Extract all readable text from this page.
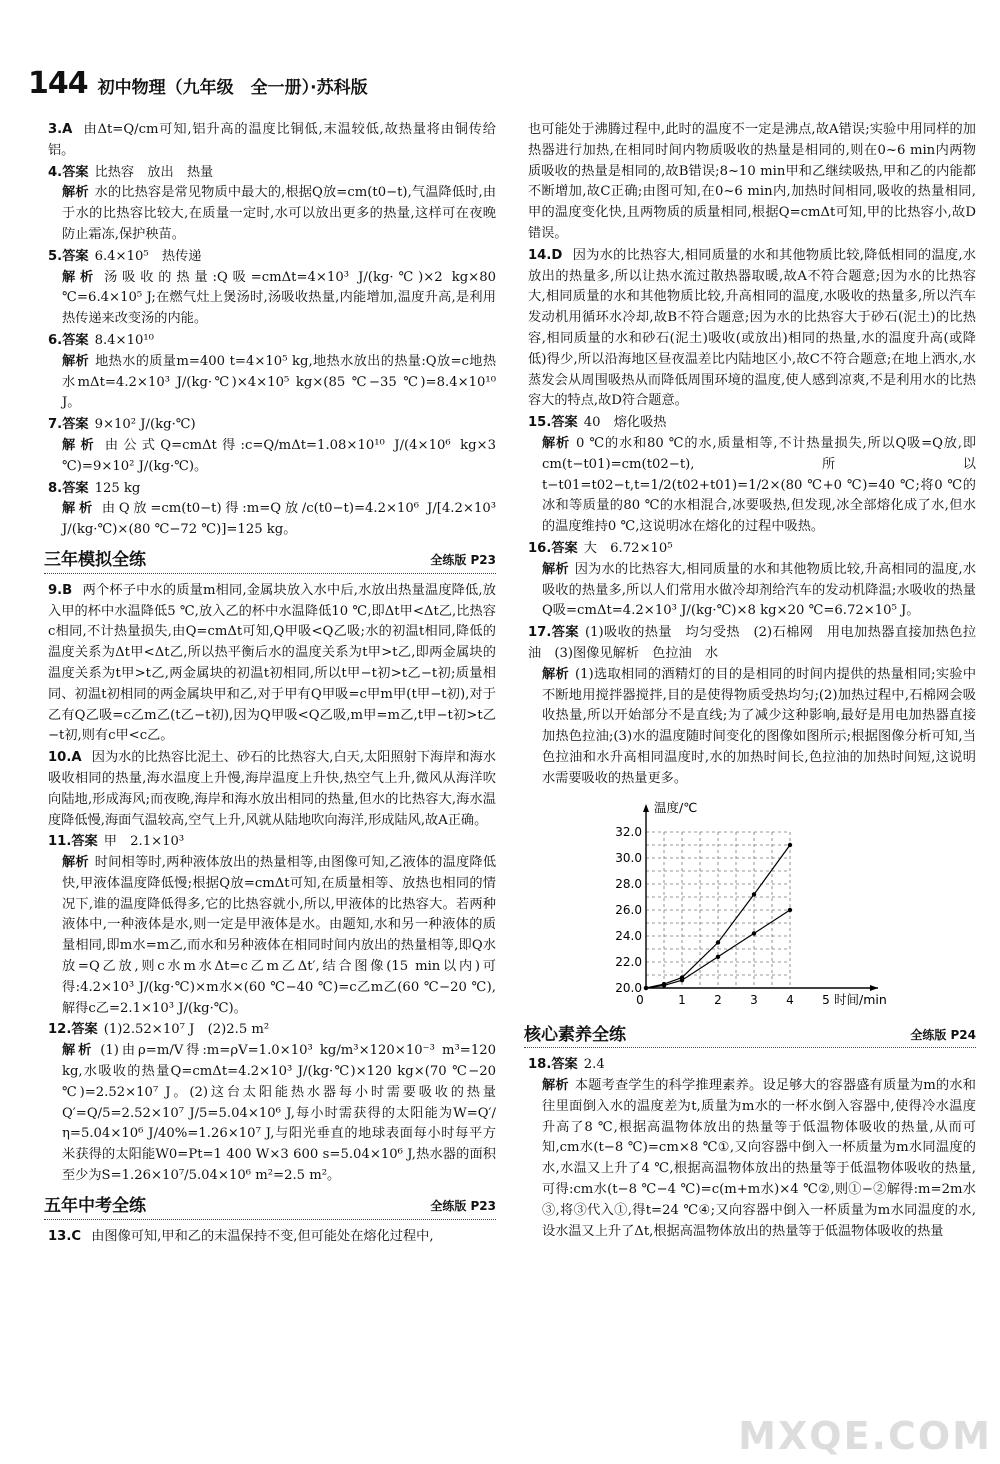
144 初中物理（九年级　全一册）·苏科版
3.A 由Δt=Q/cm可知,铝升高的温度比铜低,末温较低,故热量将由铜传给铝。
4.答案 比热容　放出　热量
解析 水的比热容是常见物质中最大的,根据Q放=cm(t0−t),气温降低时,由于水的比热容比较大,在质量一定时,水可以放出更多的热量,这样可在夜晚防止霜冻,保护秧苗。
5.答案 6.4×10⁵　热传递
解析 汤吸收的热量:Q吸=cmΔt=4×10³ J/(kg·℃)×2 kg×80 ℃=6.4×10⁵ J;在燃气灶上煲汤时,汤吸收热量,内能增加,温度升高,是利用热传递来改变汤的内能。
6.答案 8.4×10¹⁰
解析 地热水的质量m=400 t=4×10⁵ kg,地热水放出的热量:Q放=c地热水mΔt=4.2×10³ J/(kg·℃)×4×10⁵ kg×(85 ℃−35 ℃)=8.4×10¹⁰ J。
7.答案 9×10² J/(kg·℃)
解析 由公式Q=cmΔt得:c=Q/mΔt=1.08×10¹⁰ J/(4×10⁶ kg×3 ℃)=9×10² J/(kg·℃)。
8.答案 125 kg
解析 由Q放=cm(t0−t)得:m=Q放/c(t0−t)=4.2×10⁶ J/[4.2×10³ J/(kg·℃)×(80 ℃−72 ℃)]=125 kg。
三年模拟全练	全练版 P23
9.B 两个杯子中水的质量m相同,金属块放入水中后,水放出热量温度降低,放入甲的杯中水温降低5 ℃,放入乙的杯中水温降低10 ℃,即Δt甲<Δt乙,比热容c相同,不计热量损失,由Q=cmΔt可知,Q甲吸<Q乙吸;水的初温t相同,降低的温度关系为Δt甲<Δt乙,所以热平衡后水的温度关系为t甲>t乙,即两金属块的温度关系为t甲>t乙,两金属块的初温t初相同,所以t甲−t初>t乙−t初;质量相同、初温t初相同的两金属块甲和乙,对于甲有Q甲吸=c甲m甲(t甲−t初),对于乙有Q乙吸=c乙m乙(t乙−t初),因为Q甲吸<Q乙吸,m甲=m乙,t甲−t初>t乙−t初,则有c甲<c乙。
10.A 因为水的比热容比泥土、砂石的比热容大,白天,太阳照射下海岸和海水吸收相同的热量,海水温度上升慢,海岸温度上升快,热空气上升,微风从海洋吹向陆地,形成海风;而夜晚,海岸和海水放出相同的热量,但水的比热容大,海水温度降低慢,海面气温较高,空气上升,风就从陆地吹向海洋,形成陆风,故A正确。
11.答案 甲　2.1×10³
解析 时间相等时,两种液体放出的热量相等,由图像可知,乙液体的温度降低快,甲液体温度降低慢;根据Q放=cmΔt可知,在质量相等、放热也相同的情况下,谁的温度降低得多,它的比热容就小,所以,甲液体的比热容大。若两种液体中,一种液体是水,则一定是甲液体是水。由题知,水和另一种液体的质量相同,即m水=m乙,而水和另种液体在相同时间内放出的热量相等,即Q水放=Q乙放,则c水m水Δt=c乙m乙Δt′,结合图像(15 min以内)可得:4.2×10³ J/(kg·℃)×m水×(60 ℃−40 ℃)=c乙m乙(60 ℃−20 ℃),解得c乙=2.1×10³ J/(kg·℃)。
12.答案 (1)2.52×10⁷ J　(2)2.5 m²
解析 (1)由ρ=m/V得:m=ρV=1.0×10³ kg/m³×120×10⁻³ m³=120 kg,水吸收的热量Q=cmΔt=4.2×10³ J/(kg·℃)×120 kg×(70 ℃−20 ℃)=2.52×10⁷ J。(2)这台太阳能热水器每小时需要吸收的热量Q′=Q/5=2.52×10⁷ J/5=5.04×10⁶ J,每小时需获得的太阳能为W=Q′/η=5.04×10⁶ J/40%=1.26×10⁷ J,与阳光垂直的地球表面每小时每平方米获得的太阳能W0=Pt=1 400 W×3 600 s=5.04×10⁶ J,热水器的面积至少为S=1.26×10⁷/5.04×10⁶ m²=2.5 m²。
五年中考全练	全练版 P23
13.C 由图像可知,甲和乙的末温保持不变,但可能处在熔化过程中,
也可能处于沸腾过程中,此时的温度不一定是沸点,故A错误;实验中用同样的加热器进行加热,在相同时间内物质吸收的热量是相同的,则在0~6 min内两物质吸收的热量是相同的,故B错误;8~10 min甲和乙继续吸热,甲和乙的内能都不断增加,故C正确;由图可知,在0~6 min内,加热时间相同,吸收的热量相同,甲的温度变化快,且两物质的质量相同,根据Q=cmΔt可知,甲的比热容小,故D错误。
14.D 因为水的比热容大,相同质量的水和其他物质比较,降低相同的温度,水放出的热量多,所以让热水流过散热器取暖,故A不符合题意;因为水的比热容大,相同质量的水和其他物质比较,升高相同的温度,水吸收的热量多,所以汽车发动机用循环水冷却,故B不符合题意;因为水的比热容大于砂石(泥土)的比热容,相同质量的水和砂石(泥土)吸收(或放出)相同的热量,水的温度升高(或降低)得少,所以沿海地区昼夜温差比内陆地区小,故C不符合题意;在地上洒水,水蒸发会从周围吸热从而降低周围环境的温度,使人感到凉爽,不是利用水的比热容大的特点,故D符合题意。
15.答案 40　熔化吸热
解析 0 ℃的水和80 ℃的水,质量相等,不计热量损失,所以Q吸=Q放,即cm(t−t01)=cm(t02−t),所以t−t01=t02−t,t=1/2(t02+t01)=1/2×(80 ℃+0 ℃)=40 ℃;将0 ℃的冰和等质量的80 ℃的水相混合,冰要吸热,但发现,冰全部熔化成了水,但水的温度维持0 ℃,这说明冰在熔化的过程中吸热。
16.答案 大　6.72×10⁵
解析 因为水的比热容大,相同质量的水和其他物质比较,升高相同的温度,水吸收的热量多,所以人们常用水做冷却剂给汽车的发动机降温;水吸收的热量Q吸=cmΔt=4.2×10³ J/(kg·℃)×8 kg×20 ℃=6.72×10⁵ J。
17.答案 (1)吸收的热量　均匀受热　(2)石棉网　用电加热器直接加热色拉油　(3)图像见解析　色拉油　水
解析 (1)选取相同的酒精灯的目的是相同的时间内提供的热量相同;实验中不断地用搅拌器搅拌,目的是使得物质受热均匀;(2)加热过程中,石棉网会吸收热量,所以开始部分不是直线;为了减少这种影响,最好是用电加热器直接加热色拉油;(3)水的温度随时间变化的图像如图所示;根据图像分析可知,当色拉油和水升高相同温度时,水的加热时间长,色拉油的加热时间短,这说明水需要吸收的热量更多。
20.0
22.0
24.0
26.0
28.0
30.0
32.0
0	1 2 3 4 5
温度/℃
时间/min
核心素养全练	全练版 P24
18.答案 2.4
解析 本题考查学生的科学推理素养。设足够大的容器盛有质量为m的水和往里面倒入水的温度差为t,质量为m水的一杯水倒入容器中,使得冷水温度升高了8 ℃,根据高温物体放出的热量等于低温物体吸收的热量,从而可知,cm水(t−8 ℃)=cm×8 ℃①,又向容器中倒入一杯质量为m水同温度的水,水温又上升了4 ℃,根据高温物体放出的热量等于低温物体吸收的热量,可得:cm水(t−8 ℃−4 ℃)=c(m+m水)×4 ℃②,则①−②解得:m=2m水③,将③代入①,得t=24 ℃④;又向容器中倒入一杯质量为m水同温度的水,设水温又上升了Δt,根据高温物体放出的热量等于低温物体吸收的热量
MXQE.COM
